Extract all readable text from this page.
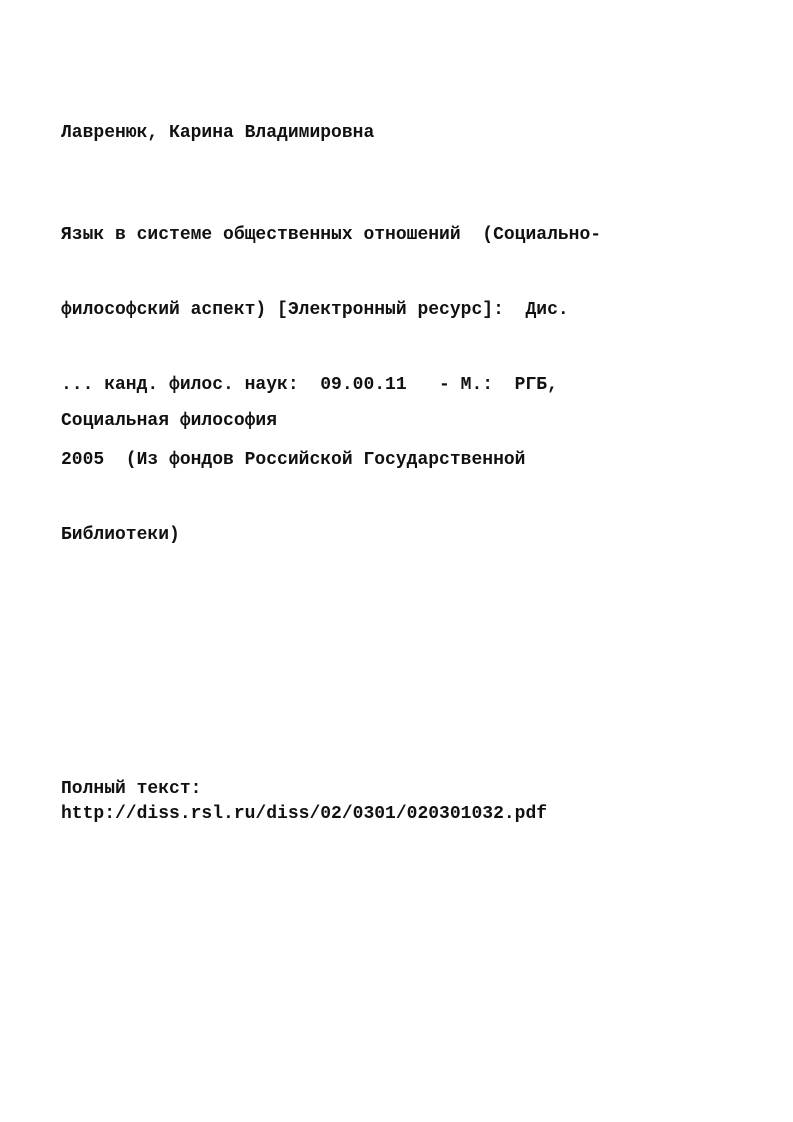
Лавренюк, Карина Владимировна

Язык в системе общественных отношений  (Социально-

философский аспект) [Электронный ресурс]:  Дис.

... канд. филос. наук:  09.00.11   - М.:  РГБ,

2005  (Из фондов Российской Государственной

Библиотеки)

Социальная философия

Полный текст:

http://diss.rsl.ru/diss/02/0301/020301032.pdf
